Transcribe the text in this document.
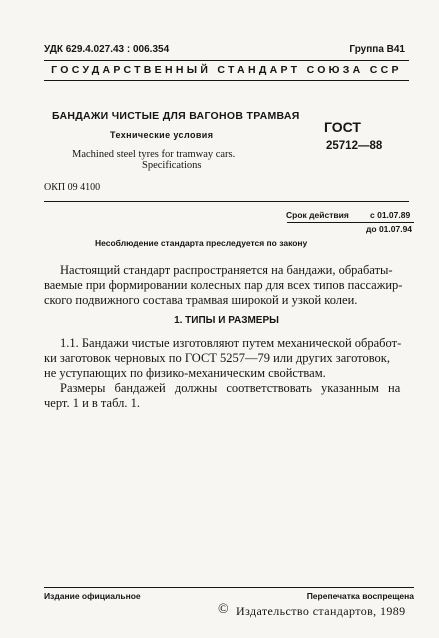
УДК 629.4.027.43 : 006.354	Группа В41
ГОСУДАРСТВЕННЫЙ СТАНДАРТ СОЮЗА ССР
БАНДАЖИ ЧИСТЫЕ ДЛЯ ВАГОНОВ ТРАМВАЯ
Технические условия
Machined steel tyres for tramway cars.
Specifications
ГОСТ
25712—88
ОКП 09 4100
Срок действия с 01.07.89
до 01.07.94
Несоблюдение стандарта преследуется по закону
Настоящий стандарт распространяется на бандажи, обрабаты-
ваемые при формировании колесных пар для всех типов пассажир-
ского подвижного состава трамвая широкой и узкой колеи.
1. ТИПЫ И РАЗМЕРЫ
1.1. Бандажи чистые изготовляют путем механической обработ-
ки заготовок черновых по ГОСТ 5257—79 или других заготовок,
не уступающих по физико-механическим свойствам.
Размеры бандажей должны соответствовать указанным на
черт. 1 и в табл. 1.
Издание официальное	Перепечатка воспрещена
© Издательство стандартов, 1989
